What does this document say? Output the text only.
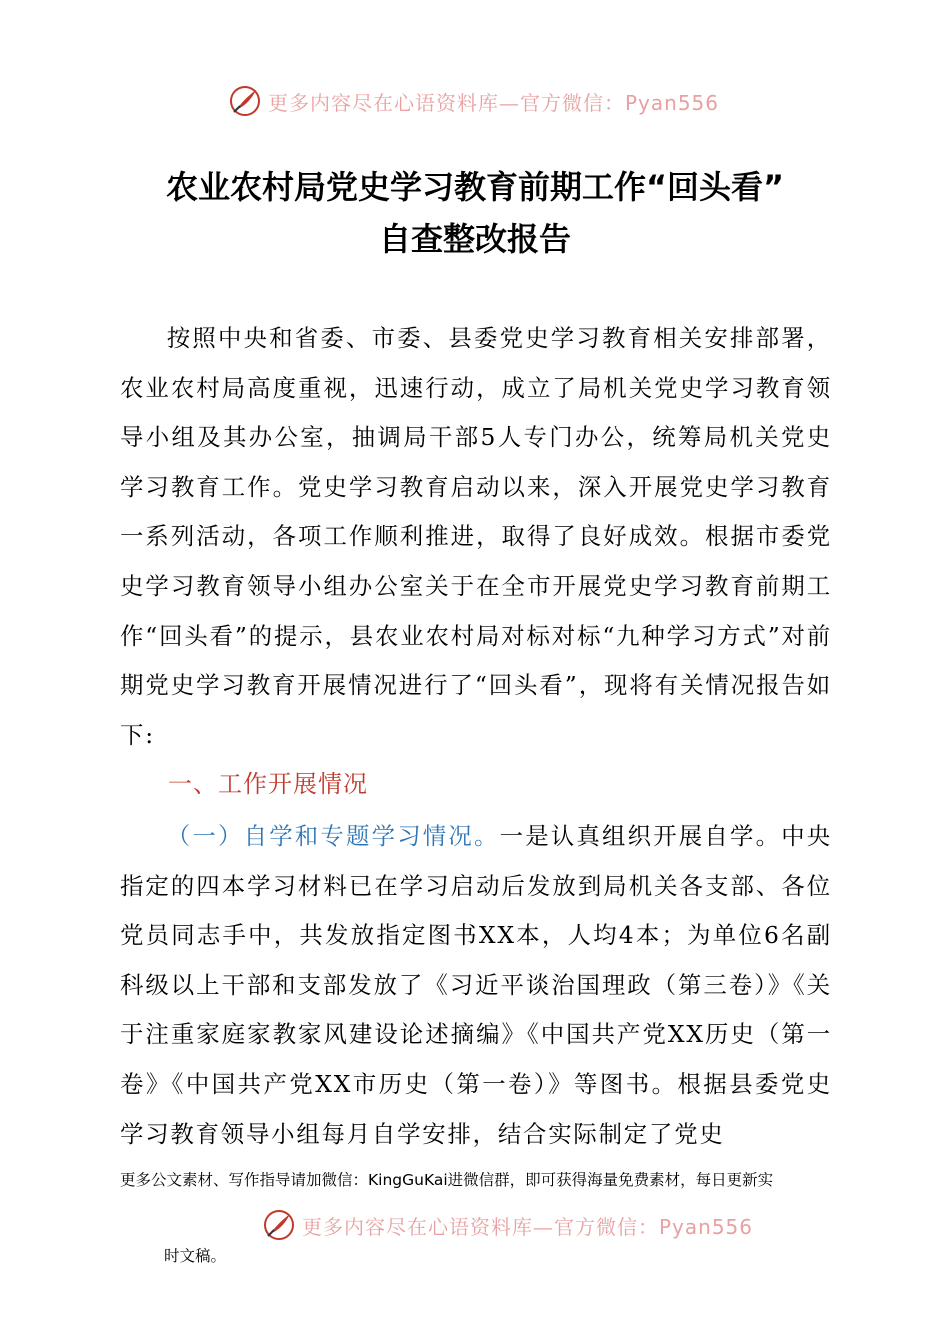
更多内容尽在心语资料库—官方微信：Pyan556
农业农村局党史学习教育前期工作“回头看”
自查整改报告

按照中央和省委、市委、县委党史学习教育相关安排部署，农业农村局高度重视，迅速行动，成立了局机关党史学习教育领导小组及其办公室，抽调局干部5人专门办公，统筹局机关党史学习教育工作。党史学习教育启动以来，深入开展党史学习教育一系列活动，各项工作顺利推进，取得了良好成效。根据市委党史学习教育领导小组办公室关于在全市开展党史学习教育前期工作“回头看”的提示，县农业农村局对标对标“九种学习方式”对前期党史学习教育开展情况进行了“回头看”，现将有关情况报告如下:

一、工作开展情况

（一）自学和专题学习情况。一是认真组织开展自学。中央指定的四本学习材料已在学习启动后发放到局机关各支部、各位党员同志手中，共发放指定图书XX本，人均4本；为单位6名副科级以上干部和支部发放了《习近平谈治国理政（第三卷）》《关于注重家庭家教家风建设论述摘编》《中国共产党XX历史（第一卷》《中国共产党XX市历史（第一卷）》等图书。根据县委党史学习教育领导小组每月自学安排，结合实际制定了党史

更多公文素材、写作指导请加微信：KingGuKai进微信群，即可获得海量免费素材，每日更新实
更多内容尽在心语资料库—官方微信：Pyan556
时文稿。
